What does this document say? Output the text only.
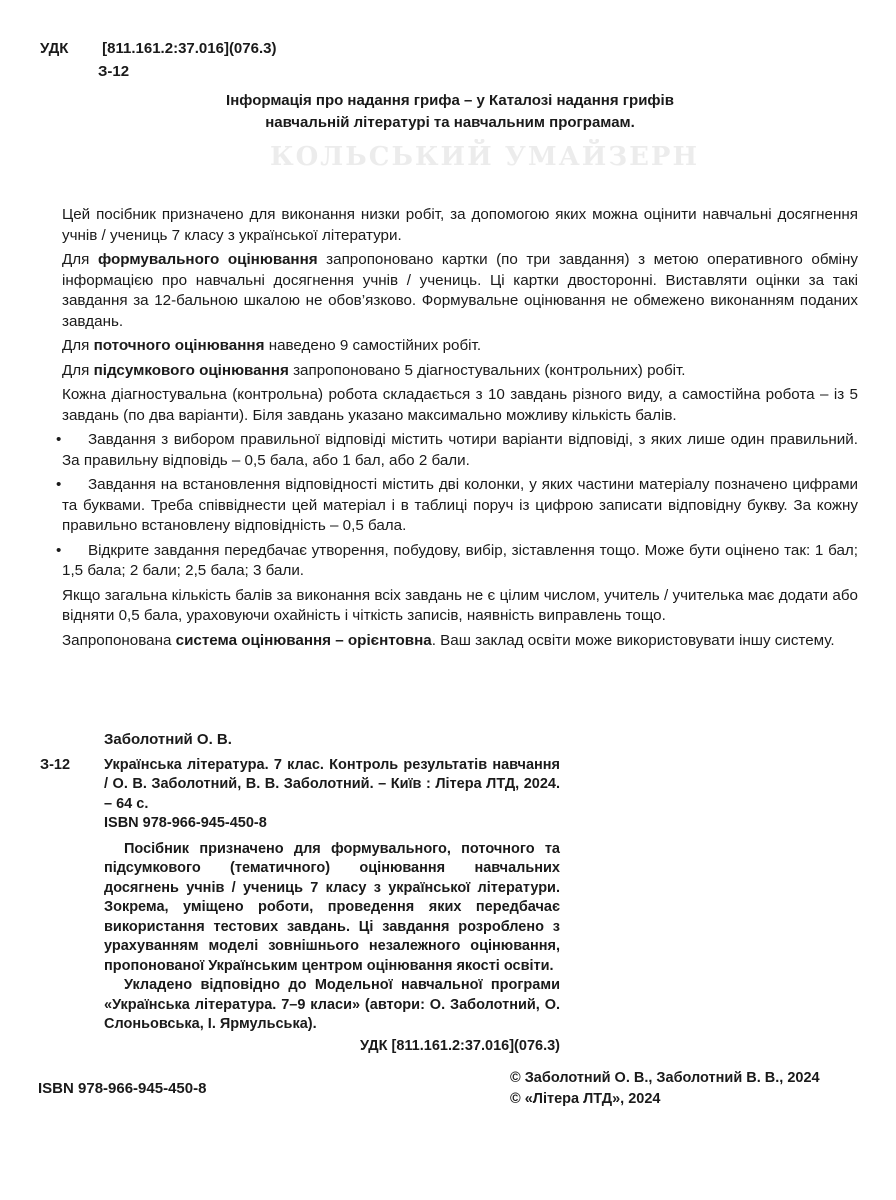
КОЛЬСЬКИЙ УМАЙЗЕРН
УДК [811.161.2:37.016](076.3)
З-12
Інформація про надання грифа – у Каталозі надання грифів
навчальній літературі та навчальним програмам.

Цей посібник призначено для виконання низки робіт, за допомогою яких можна оцінити навчальні досягнення учнів / учениць 7 класу з української літератури.

Для формувального оцінювання запропоновано картки (по три завдання) з метою оперативного обміну інформацією про навчальні досягнення учнів / учениць. Ці картки двосторонні. Виставляти оцінки за такі завдання за 12-бальною шкалою не обов’язково. Формувальне оцінювання не обмежено виконанням поданих завдань.

Для поточного оцінювання наведено 9 самостійних робіт.

Для підсумкового оцінювання запропоновано 5 діагностувальних (контрольних) робіт.

Кожна діагностувальна (контрольна) робота складається з 10 завдань різного виду, а самостійна робота – із 5 завдань (по два варіанти). Біля завдань указано максимально можливу кількість балів.

•	Завдання з вибором правильної відповіді містить чотири варіанти відповіді, з яких лише один правильний. За правильну відповідь – 0,5 бала, або 1 бал, або 2 бали.

•	Завдання на встановлення відповідності містить дві колонки, у яких частини матеріалу позначено цифрами та буквами. Треба співвіднести цей матеріал і в таблиці поруч із цифрою записати відповідну букву. За кожну правильно встановлену відповідність – 0,5 бала.

•	Відкрите завдання передбачає утворення, побудову, вибір, зіставлення тощо. Може бути оцінено так: 1 бал; 1,5 бала; 2 бали; 2,5 бала; 3 бали.

Якщо загальна кількість балів за виконання всіх завдань не є цілим числом, учитель / учителька має додати або відняти 0,5 бала, ураховуючи охайність і чіткість записів, наявність виправлень тощо.

Запропонована система оцінювання – орієнтовна. Ваш заклад освіти може використовувати іншу систему.

Заболотний О. В.
З-12 Українська література. 7 клас. Контроль результатів навчання / О. В. Заболотний, В. В. Заболотний. – Київ : Літера ЛТД, 2024. – 64 с.
ISBN 978-966-945-450-8

Посібник призначено для формувального, поточного та підсумкового (тематичного) оцінювання навчальних досягнень учнів / учениць 7 класу з української літератури. Зокрема, уміщено роботи, проведення яких передбачає використання тестових завдань. Ці завдання розроблено з урахуванням моделі зовнішнього незалежного оцінювання, пропонованої Українським центром оцінювання якості освіти.

Укладено відповідно до Модельної навчальної програми «Українська література. 7–9 класи» (автори: О. Заболотний, О. Слоньовська, І. Ярмульська).

УДК [811.161.2:37.016](076.3)
ISBN 978-966-945-450-8
© Заболотний О. В., Заболотний В. В., 2024
© «Літера ЛТД», 2024
